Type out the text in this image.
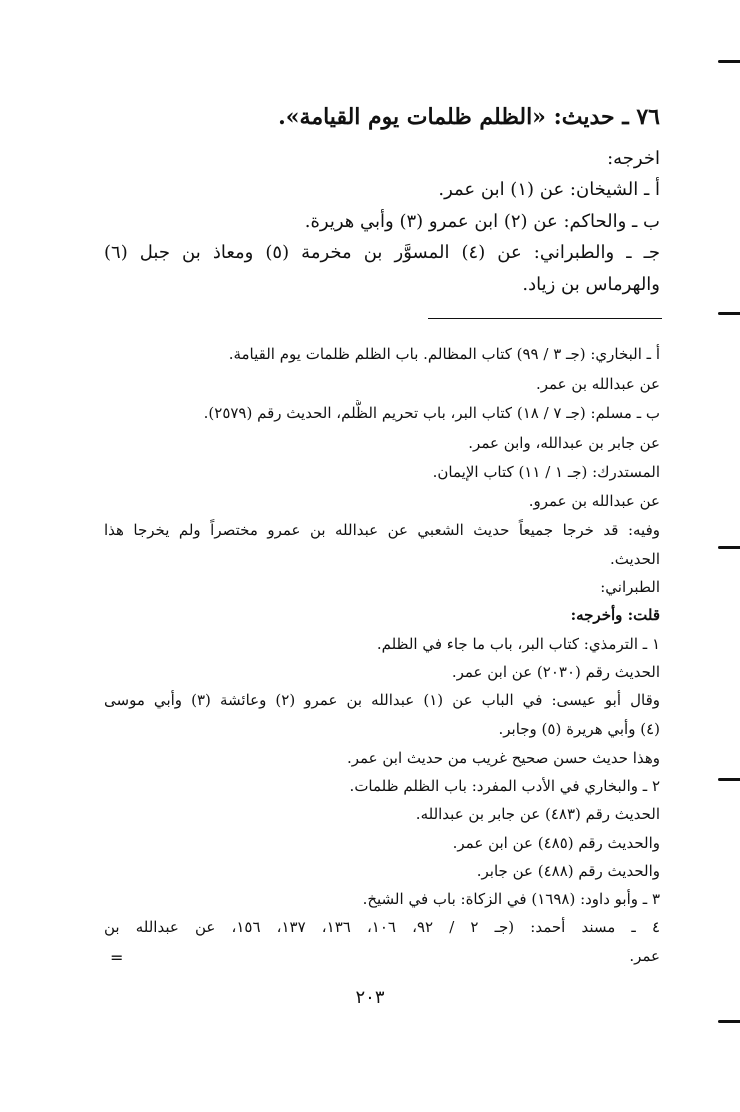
٧٦ ـ حديث: «الظلم ظلمات يوم القيامة».
اخرجه:
أ ـ الشيخان: عن (١) ابن عمر.
ب ـ والحاكم: عن (٢) ابن عمرو (٣) وأبي هريرة.
جـ ـ والطبراني: عن (٤) المسوَّر بن مخرمة (٥) ومعاذ بن جبل (٦)
والهرماس بن زياد.
أ ـ البخاري: (جـ ٣ / ٩٩) كتاب المظالم. باب الظلم ظلمات يوم القيامة.
عن عبدالله بن عمر.
ب ـ مسلم: (جـ ٧ / ١٨) كتاب البر، باب تحريم الظُّلم، الحديث رقم (٢٥٧٩).
عن جابر بن عبدالله، وابن عمر.
المستدرك: (جـ ١ / ١١) كتاب الإيمان.
عن عبدالله بن عمرو.
وفيه: قد خرجا جميعاً حديث الشعبي عن عبدالله بن عمرو مختصراً ولم يخرجا هذا
الحديث.
الطبراني:
قلت: وأخرجه:
١ ـ الترمذي: كتاب البر، باب ما جاء في الظلم.
الحديث رقم (٢٠٣٠) عن ابن عمر.
وقال أبو عيسى: في الباب عن (١) عبدالله بن عمرو (٢) وعائشة (٣) وأبي موسى
(٤) وأبي هريرة (٥) وجابر.
وهذا حديث حسن صحيح غريب من حديث ابن عمر.
٢ ـ والبخاري في الأدب المفرد: باب الظلم ظلمات.
الحديث رقم (٤٨٣) عن جابر بن عبدالله.
والحديث رقم (٤٨٥) عن ابن عمر.
والحديث رقم (٤٨٨) عن جابر.
٣ ـ وأبو داود: (١٦٩٨) في الزكاة: باب في الشيخ.
٤ ـ مسند أحمد: (جـ ٢ / ٩٢، ١٠٦، ١٣٦، ١٣٧، ١٥٦، عن عبدالله بن
عمر.
=
٢٠٣
